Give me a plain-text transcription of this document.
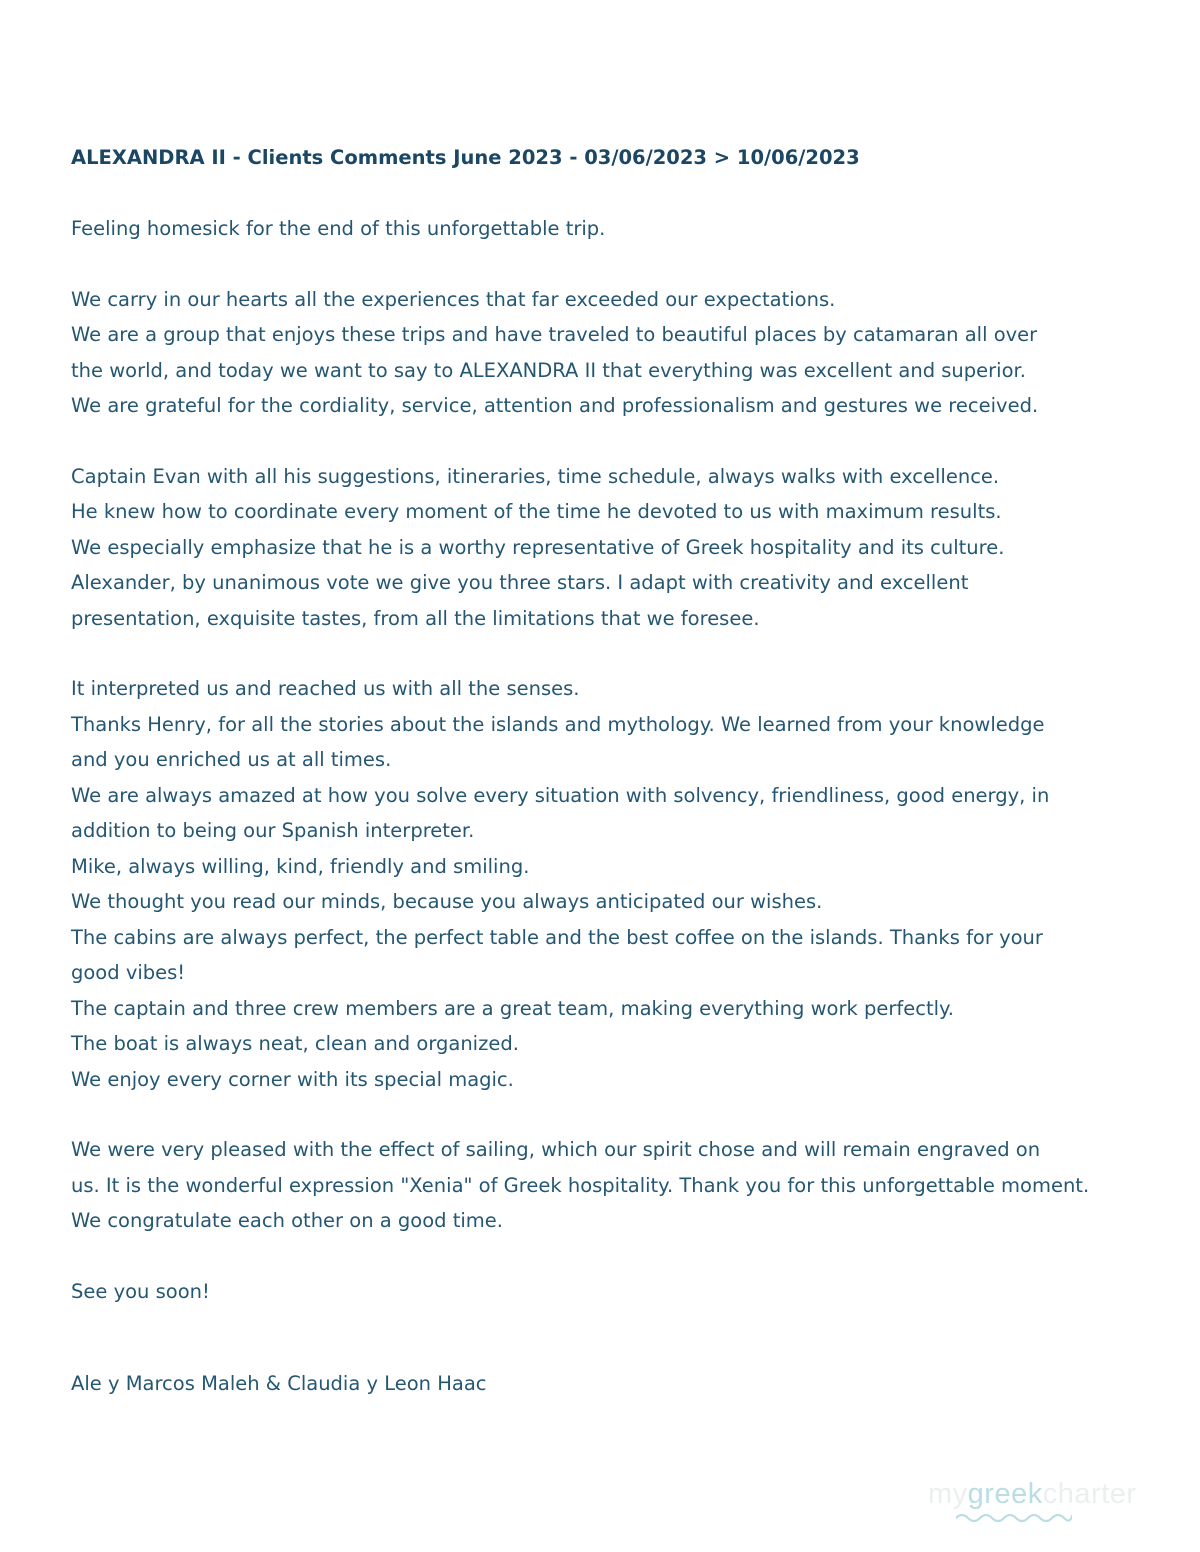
ALEXANDRA II - Clients Comments June 2023 - 03/06/2023 > 10/06/2023
Feeling homesick for the end of this unforgettable trip.
We carry in our hearts all the experiences that far exceeded our expectations.
We are a group that enjoys these trips and have traveled to beautiful places by catamaran all over
the world, and today we want to say to ALEXANDRA II that everything was excellent and superior.
We are grateful for the cordiality, service, attention and professionalism and gestures we received.
Captain Evan with all his suggestions, itineraries, time schedule, always walks with excellence.
He knew how to coordinate every moment of the time he devoted to us with maximum results.
We especially emphasize that he is a worthy representative of Greek hospitality and its culture.
Alexander, by unanimous vote we give you three stars. I adapt with creativity and excellent
presentation, exquisite tastes, from all the limitations that we foresee.
It interpreted us and reached us with all the senses.
Thanks Henry, for all the stories about the islands and mythology. We learned from your knowledge
and you enriched us at all times.
We are always amazed at how you solve every situation with solvency, friendliness, good energy, in
addition to being our Spanish interpreter.
Mike, always willing, kind, friendly and smiling.
We thought you read our minds, because you always anticipated our wishes.
The cabins are always perfect, the perfect table and the best coffee on the islands. Thanks for your
good vibes!
The captain and three crew members are a great team, making everything work perfectly.
The boat is always neat, clean and organized.
We enjoy every corner with its special magic.
We were very pleased with the effect of sailing, which our spirit chose and will remain engraved on
us. It is the wonderful expression "Xenia" of Greek hospitality. Thank you for this unforgettable moment.
We congratulate each other on a good time.
See you soon!
Ale y Marcos Maleh & Claudia y Leon Haac
mygreekcharter
